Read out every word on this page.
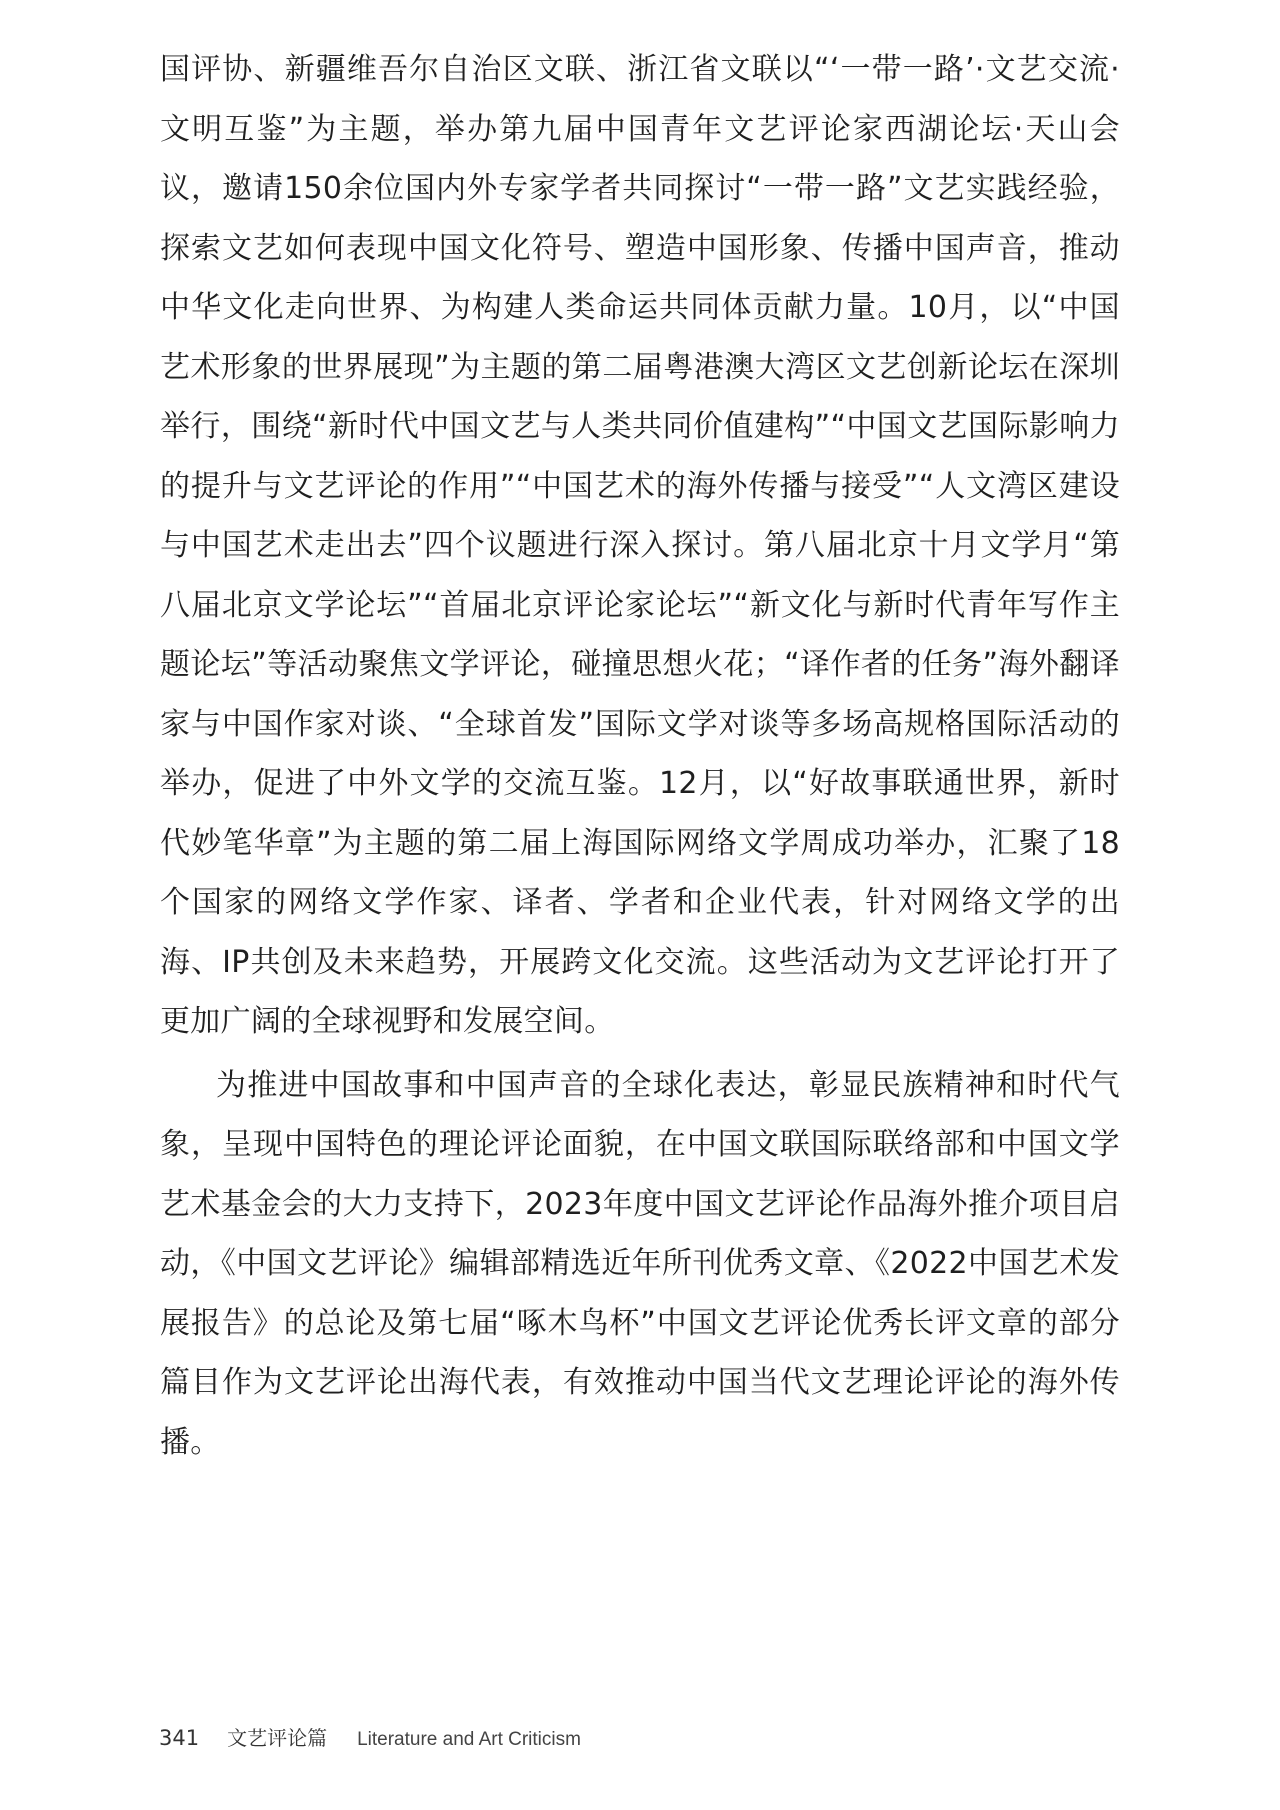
国评协、新疆维吾尔自治区文联、浙江省文联以“‘一带一路’·文艺交流·文明互鉴”为主题，举办第九届中国青年文艺评论家西湖论坛·天山会议，邀请150余位国内外专家学者共同探讨“一带一路”文艺实践经验，探索文艺如何表现中国文化符号、塑造中国形象、传播中国声音，推动中华文化走向世界、为构建人类命运共同体贡献力量。10月，以“中国艺术形象的世界展现”为主题的第二届粤港澳大湾区文艺创新论坛在深圳举行，围绕“新时代中国文艺与人类共同价值建构”“中国文艺国际影响力的提升与文艺评论的作用”“中国艺术的海外传播与接受”“人文湾区建设与中国艺术走出去”四个议题进行深入探讨。第八届北京十月文学月“第八届北京文学论坛”“首届北京评论家论坛”“新文化与新时代青年写作主题论坛”等活动聚焦文学评论，碰撞思想火花；“译作者的任务”海外翻译家与中国作家对谈、“全球首发”国际文学对谈等多场高规格国际活动的举办，促进了中外文学的交流互鉴。12月，以“好故事联通世界，新时代妙笔华章”为主题的第二届上海国际网络文学周成功举办，汇聚了18个国家的网络文学作家、译者、学者和企业代表，针对网络文学的出海、IP共创及未来趋势，开展跨文化交流。这些活动为文艺评论打开了更加广阔的全球视野和发展空间。

为推进中国故事和中国声音的全球化表达，彰显民族精神和时代气象，呈现中国特色的理论评论面貌，在中国文联国际联络部和中国文学艺术基金会的大力支持下，2023年度中国文艺评论作品海外推介项目启动，《中国文艺评论》编辑部精选近年所刊优秀文章、《2022中国艺术发展报告》的总论及第七届“啄木鸟杯”中国文艺评论优秀长评文章的部分篇目作为文艺评论出海代表，有效推动中国当代文艺理论评论的海外传播。

341 文艺评论篇 Literature and Art Criticism
